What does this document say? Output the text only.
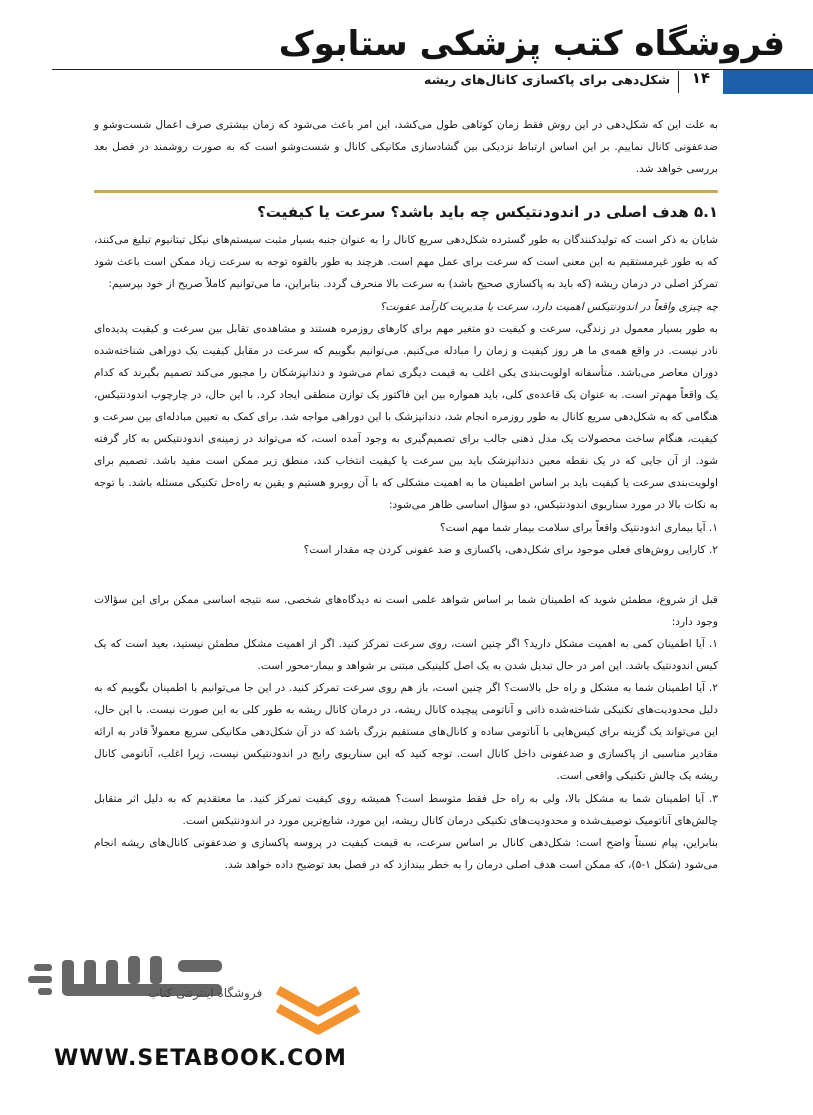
فروشگاه کتب پزشکی ستابوک
۱۴
شکل‌دهی برای پاکسازی کانال‌های ریشه

به علت این که شکل‌دهی در این روش فقط زمان کوتاهی طول می‌کشد، این امر باعث می‌شود که زمان بیشتری صرف اعمال شست‌وشو و ضدعفونی کانال نماییم. بر این اساس ارتباط نزدیکی بین گشادسازی مکانیکی کانال و شست‌وشو است که به صورت روشمند در فصل بعد بررسی خواهد شد.

۵.۱ هدف اصلی در اندودنتیکس چه باید باشد؟ سرعت یا کیفیت؟

شایان به ذکر است که تولیدکنندگان به طور گسترده شکل‌دهی سریع کانال را به عنوان جنبه بسیار مثبت سیستم‌های نیکل تیتانیوم تبلیغ می‌کنند، که به طور غیرمستقیم به این معنی است که سرعت برای عمل مهم است. هرچند به طور بالقوه توجه به سرعت زیاد ممکن است باعث شود تمرکز اصلی در درمان ریشه (که باید به پاکسازی صحیح باشد) به سرعت بالا منحرف گردد. بنابراین، ما می‌توانیم کاملاً صریح از خود بپرسیم:

چه چیزی واقعاً در اندودنتیکس اهمیت دارد، سرعت یا مدیریت کارآمد عفونت؟

به طور بسیار معمول در زندگی، سرعت و کیفیت دو متغیر مهم برای کارهای روزمره هستند و مشاهده‌ی تقابل بین سرعت و کیفیت پدیده‌ای نادر نیست. در واقع همه‌ی ما هر روز کیفیت و زمان را مبادله می‌کنیم. می‌توانیم بگوییم که سرعت در مقابل کیفیت یک دوراهی شناخته‌شده دوران معاصر می‌باشد. متأسفانه اولویت‌بندی یکی اغلب به قیمت دیگری تمام می‌شود و دندانپزشکان را مجبور می‌کند تصمیم بگیرند که کدام یک واقعاً مهم‌تر است. به عنوان یک قاعده‌ی کلی، باید همواره بین این فاکتور یک توازن منطقی ایجاد کرد. با این حال، در چارچوب اندودنتیکس، هنگامی که به شکل‌دهی سریع کانال به طور روزمره انجام شد، دندانپزشک با این دوراهی مواجه شد. برای کمک به تعیین مبادله‌ای بین سرعت و کیفیت، هنگام ساخت محصولات یک مدل ذهنی جالب برای تصمیم‌گیری به وجود آمده است، که می‌تواند در زمینه‌ی اندودنتیکس به کار گرفته شود. از آن جایی که در یک نقطه معین دندانپزشک باید بین سرعت یا کیفیت انتخاب کند، منطق زیر ممکن است مفید باشد. تصمیم برای اولویت‌بندی سرعت یا کیفیت باید بر اساس اطمینان ما به اهمیت مشکلی که با آن روبرو هستیم و یقین به راه‌حل تکنیکی مسئله باشد. با توجه به نکات بالا در مورد سناریوی اندودنتیکس، دو سؤال اساسی ظاهر می‌شود:

۱. آیا بیماری اندودنتیک واقعاً برای سلامت بیمار شما مهم است؟

۲. کارایی روش‌های فعلی موجود برای شکل‌دهی، پاکسازی و ضد عفونی کردن چه مقدار است؟

قبل از شروع، مطمئن شوید که اطمینان شما بر اساس شواهد علمی است نه دیدگاه‌های شخصی. سه نتیجه اساسی ممکن برای این سؤالات وجود دارد:

۱. آیا اطمینان کمی به اهمیت مشکل دارید؟ اگر چنین است، روی سرعت تمرکز کنید. اگر از اهمیت مشکل مطمئن نیستید، بعید است که یک کیس اندودنتیک باشد. این امر در حال تبدیل شدن به یک اصل کلینیکی مبتنی بر شواهد و بیمار-محور است.

۲. آیا اطمینان شما به مشکل و راه حل بالاست؟ اگر چنین است، باز هم روی سرعت تمرکز کنید. در این جا می‌توانیم با اطمینان بگوییم که به دلیل محدودیت‌های تکنیکی شناخته‌شده ذاتی و آناتومی پیچیده کانال ریشه، در درمان کانال ریشه به طور کلی به این صورت نیست. با این حال، این می‌تواند یک گزینه برای کیس‌هایی با آناتومی ساده و کانال‌های مستقیم بزرگ باشد که در آن شکل‌دهی مکانیکی سریع معمولاً قادر به ارائه مقادیر مناسبی از پاکسازی و ضدعفونی داخل کانال است. توجه کنید که این سناریوی رایج در اندودنتیکس نیست، زیرا اغلب، آناتومی کانال ریشه یک چالش تکنیکی واقعی است.

۳. آیا اطمینان شما به مشکل بالا، ولی به راه حل فقط متوسط است؟ همیشه روی کیفیت تمرکز کنید. ما معتقدیم که به دلیل اثر متقابل چالش‌های آناتومیک توصیف‌شده و محدودیت‌های تکنیکی درمان کانال ریشه، این مورد، شایع‌ترین مورد در اندودنتیکس است.

بنابراین، پیام نسبتاً واضح است: شکل‌دهی کانال بر اساس سرعت، به قیمت کیفیت در پروسه پاکسازی و ضدعفونی کانال‌های ریشه انجام می‌شود (شکل ۱-۵)، که ممکن است هدف اصلی درمان را به خطر بیندازد که در فصل بعد توضیح داده خواهد شد.

فروشگاه اینترنتی کتاب
WWW.SETABOOK.COM
